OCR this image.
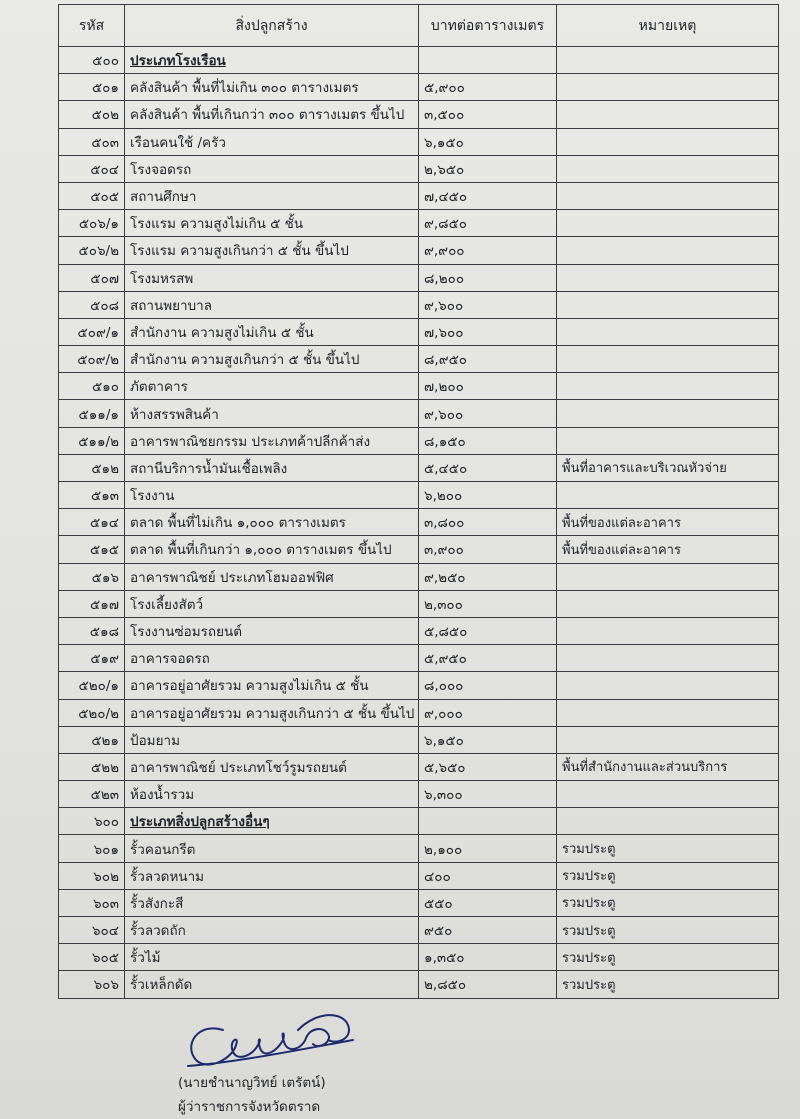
รหัส	สิ่งปลูกสร้าง	บาทต่อตารางเมตร	หมายเหตุ
๕๐๐	ประเภทโรงเรือน		
๕๐๑	คลังสินค้า พื้นที่ไม่เกิน ๓๐๐ ตารางเมตร	๕,๙๐๐	
๕๐๒	คลังสินค้า พื้นที่เกินกว่า ๓๐๐ ตารางเมตร ขึ้นไป	๓,๕๐๐	
๕๐๓	เรือนคนใช้ /ครัว	๖,๑๕๐	
๕๐๔	โรงจอดรถ	๒,๖๕๐	
๕๐๕	สถานศึกษา	๗,๔๕๐	
๕๐๖/๑	โรงแรม ความสูงไม่เกิน ๕ ชั้น	๙,๘๕๐	
๕๐๖/๒	โรงแรม ความสูงเกินกว่า ๕ ชั้น ขึ้นไป	๙,๙๐๐	
๕๐๗	โรงมหรสพ	๘,๒๐๐	
๕๐๘	สถานพยาบาล	๙,๖๐๐	
๕๐๙/๑	สำนักงาน ความสูงไม่เกิน ๕ ชั้น	๗,๖๐๐	
๕๐๙/๒	สำนักงาน ความสูงเกินกว่า ๕ ชั้น ขึ้นไป	๘,๙๕๐	
๕๑๐	ภัตตาคาร	๗,๒๐๐	
๕๑๑/๑	ห้างสรรพสินค้า	๙,๖๐๐	
๕๑๑/๒	อาคารพาณิชยกรรม ประเภทค้าปลีกค้าส่ง	๘,๑๕๐	
๕๑๒	สถานีบริการน้ำมันเชื้อเพลิง	๕,๔๕๐	พื้นที่อาคารและบริเวณหัวจ่าย
๕๑๓	โรงงาน	๖,๒๐๐	
๕๑๔	ตลาด พื้นที่ไม่เกิน ๑,๐๐๐ ตารางเมตร	๓,๘๐๐	พื้นที่ของแต่ละอาคาร
๕๑๕	ตลาด พื้นที่เกินกว่า ๑,๐๐๐ ตารางเมตร ขึ้นไป	๓,๙๐๐	พื้นที่ของแต่ละอาคาร
๕๑๖	อาคารพาณิชย์ ประเภทโฮมออฟฟิศ	๙,๒๕๐	
๕๑๗	โรงเลี้ยงสัตว์	๒,๓๐๐	
๕๑๘	โรงงานซ่อมรถยนต์	๕,๘๕๐	
๕๑๙	อาคารจอดรถ	๕,๙๕๐	
๕๒๐/๑	อาคารอยู่อาศัยรวม ความสูงไม่เกิน ๕ ชั้น	๘,๐๐๐	
๕๒๐/๒	อาคารอยู่อาศัยรวม ความสูงเกินกว่า ๕ ชั้น ขึ้นไป	๙,๐๐๐	
๕๒๑	ป้อมยาม	๖,๑๕๐	
๕๒๒	อาคารพาณิชย์ ประเภทโชว์รูมรถยนต์	๕,๖๕๐	พื้นที่สำนักงานและส่วนบริการ
๕๒๓	ห้องน้ำรวม	๖,๓๐๐	
๖๐๐	ประเภทสิ่งปลูกสร้างอื่นๆ		
๖๐๑	รั้วคอนกรีต	๒,๑๐๐	รวมประตู
๖๐๒	รั้วลวดหนาม	๔๐๐	รวมประตู
๖๐๓	รั้วสังกะสี	๕๕๐	รวมประตู
๖๐๔	รั้วลวดถัก	๙๕๐	รวมประตู
๖๐๕	รั้วไม้	๑,๓๕๐	รวมประตู
๖๐๖	รั้วเหล็กดัด	๒,๘๕๐	รวมประตู
(นายชำนาญวิทย์ เตรัตน์)
ผู้ว่าราชการจังหวัดตราด
